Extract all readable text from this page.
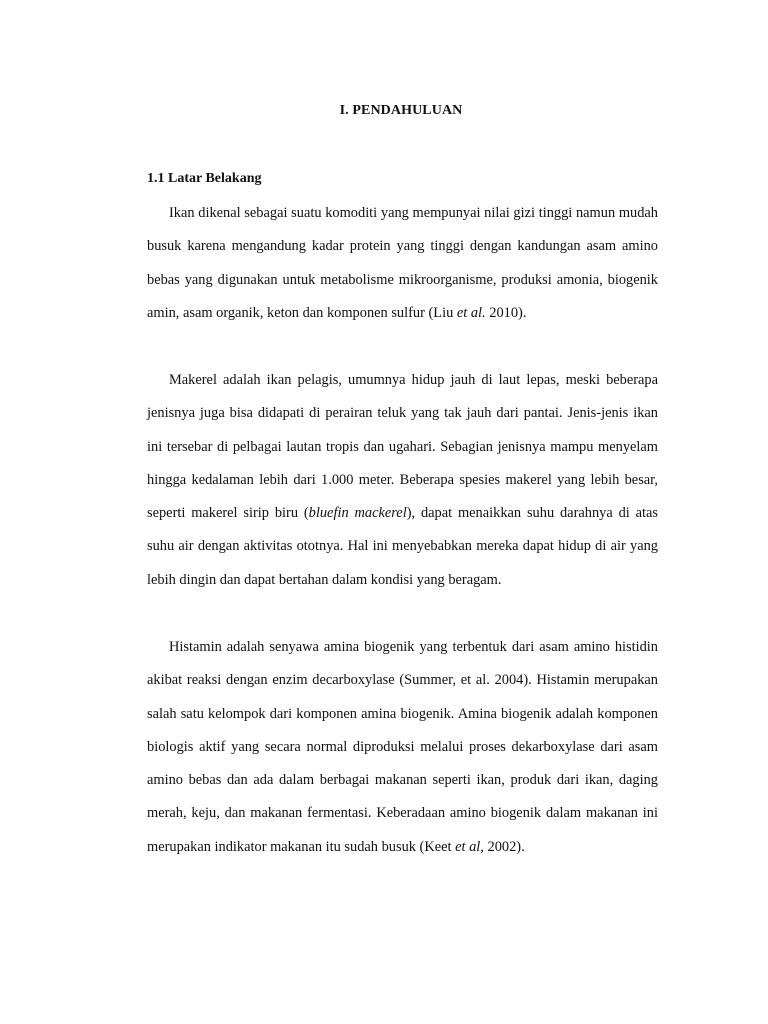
I. PENDAHULUAN
1.1 Latar Belakang

Ikan dikenal sebagai suatu komoditi yang mempunyai nilai gizi tinggi namun mudah busuk karena mengandung kadar protein yang tinggi dengan kandungan asam amino bebas yang digunakan untuk metabolisme mikroorganisme, produksi amonia, biogenik amin, asam organik, keton dan komponen sulfur (Liu et al. 2010).

Makerel adalah ikan pelagis, umumnya hidup jauh di laut lepas, meski beberapa jenisnya juga bisa didapati di perairan teluk yang tak jauh dari pantai. Jenis-jenis ikan ini tersebar di pelbagai lautan tropis dan ugahari. Sebagian jenisnya mampu menyelam hingga kedalaman lebih dari 1.000 meter. Beberapa spesies makerel yang lebih besar, seperti makerel sirip biru (bluefin mackerel), dapat menaikkan suhu darahnya di atas suhu air dengan aktivitas ototnya. Hal ini menyebabkan mereka dapat hidup di air yang lebih dingin dan dapat bertahan dalam kondisi yang beragam.

Histamin adalah senyawa amina biogenik yang terbentuk dari asam amino histidin akibat reaksi dengan enzim decarboxylase (Summer, et al. 2004). Histamin merupakan salah satu kelompok dari komponen amina biogenik. Amina biogenik adalah komponen biologis aktif yang secara normal diproduksi melalui proses dekarboxylase dari asam amino bebas dan ada dalam berbagai makanan seperti ikan, produk dari ikan, daging merah, keju, dan makanan fermentasi. Keberadaan amino biogenik dalam makanan ini merupakan indikator makanan itu sudah busuk (Keet et al, 2002).
